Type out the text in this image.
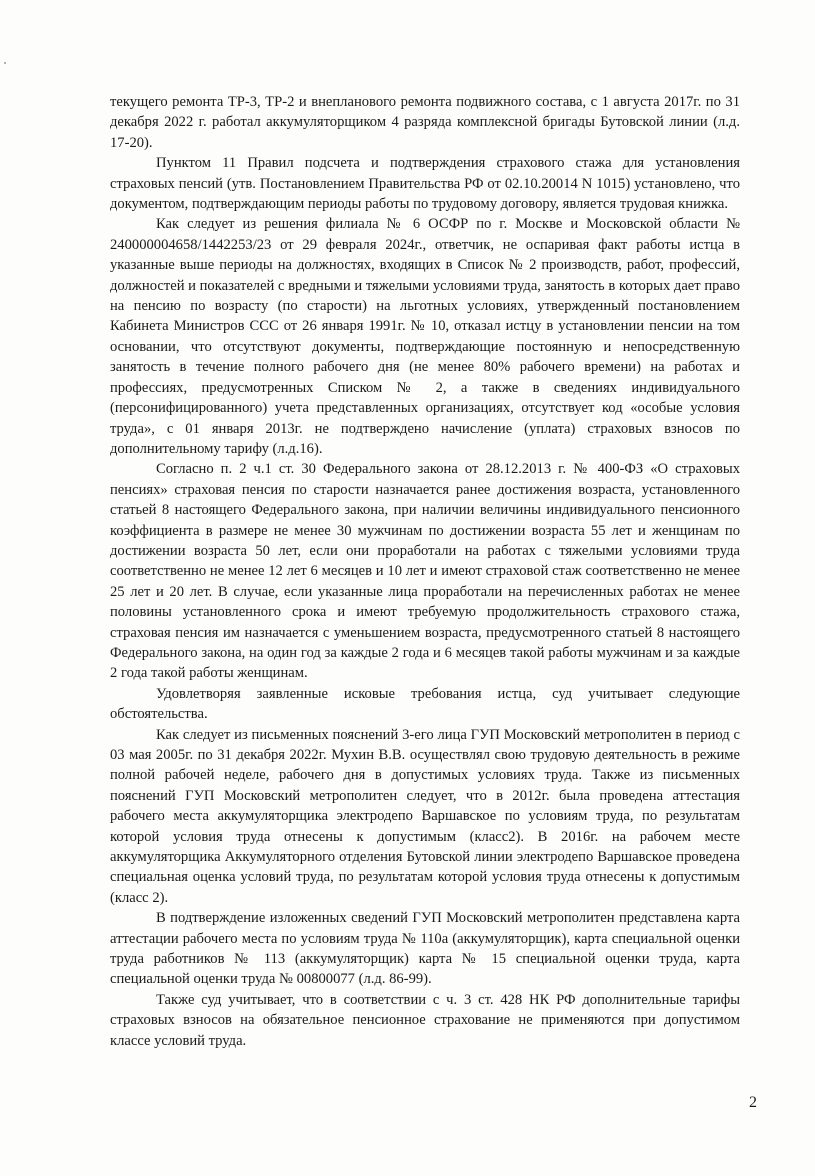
текущего ремонта ТР-3, ТР-2 и внепланового ремонта подвижного состава, с 1 августа 2017г. по 31 декабря 2022 г. работал аккумуляторщиком 4 разряда комплексной бригады Бутовской линии (л.д. 17-20).

Пунктом 11 Правил подсчета и подтверждения страхового стажа для установления страховых пенсий (утв. Постановлением Правительства РФ от 02.10.20014 N 1015) установлено, что документом, подтверждающим периоды работы по трудовому договору, является трудовая книжка.

Как следует из решения филиала № 6 ОСФР по г. Москве и Московской области № 240000004658/1442253/23 от 29 февраля 2024г., ответчик, не оспаривая факт работы истца в указанные выше периоды на должностях, входящих в Список № 2 производств, работ, профессий, должностей и показателей с вредными и тяжелыми условиями труда, занятость в которых дает право на пенсию по возрасту (по старости) на льготных условиях, утвержденный постановлением Кабинета Министров ССС от 26 января 1991г. № 10, отказал истцу в установлении пенсии на том основании, что отсутствуют документы, подтверждающие постоянную и непосредственную занятость в течение полного рабочего дня (не менее 80% рабочего времени) на работах и профессиях, предусмотренных Списком № 2, а также в сведениях индивидуального (персонифицированного) учета представленных организациях, отсутствует код «особые условия труда», с 01 января 2013г. не подтверждено начисление (уплата) страховых взносов по дополнительному тарифу (л.д.16).

Согласно п. 2 ч.1 ст. 30 Федерального закона от 28.12.2013 г. № 400-ФЗ «О страховых пенсиях» страховая пенсия по старости назначается ранее достижения возраста, установленного статьей 8 настоящего Федерального закона, при наличии величины индивидуального пенсионного коэффициента в размере не менее 30 мужчинам по достижении возраста 55 лет и женщинам по достижении возраста 50 лет, если они проработали на работах с тяжелыми условиями труда соответственно не менее 12 лет 6 месяцев и 10 лет и имеют страховой стаж соответственно не менее 25 лет и 20 лет. В случае, если указанные лица проработали на перечисленных работах не менее половины установленного срока и имеют требуемую продолжительность страхового стажа, страховая пенсия им назначается с уменьшением возраста, предусмотренного статьей 8 настоящего Федерального закона, на один год за каждые 2 года и 6 месяцев такой работы мужчинам и за каждые 2 года такой работы женщинам.

Удовлетворяя заявленные исковые требования истца, суд учитывает следующие обстоятельства.

Как следует из письменных пояснений 3-его лица ГУП Московский метрополитен в период с 03 мая 2005г. по 31 декабря 2022г. Мухин В.В. осуществлял свою трудовую деятельность в режиме полной рабочей неделе, рабочего дня в допустимых условиях труда. Также из письменных пояснений ГУП Московский метрополитен следует, что в 2012г. была проведена аттестация рабочего места аккумуляторщика электродепо Варшавское по условиям труда, по результатам которой условия труда отнесены к допустимым (класс2). В 2016г. на рабочем месте аккумуляторщика Аккумуляторного отделения Бутовской линии электродепо Варшавское проведена специальная оценка условий труда, по результатам которой условия труда отнесены к допустимым (класс 2).

В подтверждение изложенных сведений ГУП Московский метрополитен представлена карта аттестации рабочего места по условиям труда № 110а (аккумуляторщик), карта специальной оценки труда работников № 113 (аккумуляторщик) карта № 15 специальной оценки труда, карта специальной оценки труда № 00800077 (л.д. 86-99).

Также суд учитывает, что в соответствии с ч. 3 ст. 428 НК РФ дополнительные тарифы страховых взносов на обязательное пенсионное страхование не применяются при допустимом классе условий труда.

2
